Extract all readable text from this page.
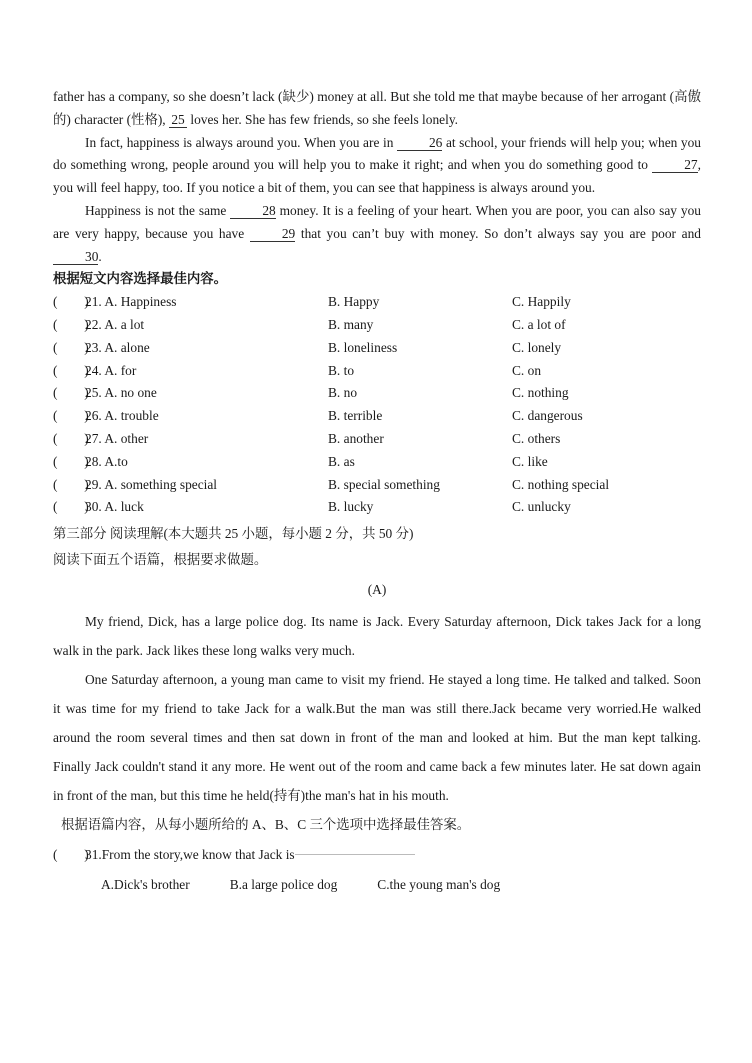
father has a company, so she doesn’t lack (缺少) money at all. But she told me that maybe because of her arrogant (高傲的) character (性格), 25 loves her. She has few friends, so she feels lonely.

In fact, happiness is always around you. When you are in	26 at school, your friends will help you; when you do something wrong, people around you will help you to make it right; and when you do something good to	27, you will feel happy, too. If you notice a bit of them, you can see that happiness is always around you.

Happiness is not the same	28 money. It is a feeling of your heart. When you are poor, you can also say you are very happy, because you have	29 that you can’t buy with money. So don’t always say you are poor and 30.

根据短文内容选择最佳内容。

(　　)
21. A. Happiness	B. Happy	C. Happily
(　　)
22. A. a lot	B. many	C. a lot of
(　　)
23. A. alone	B. loneliness	C. lonely
(　　)
24. A. for	B. to	C. on
(　　)
25. A. no one	B. no	C. nothing
(　　)
26. A. trouble	B. terrible	C. dangerous
(　　)
27. A. other	B. another	C. others
(　　)
28. A.to	B. as	C. like
(　　)
29. A. something special	B. special something	C. nothing special
(　　)
30. A. luck	B. lucky	C. unlucky

第三部分 阅读理解(本大题共 25 小题，每小题 2 分，共 50 分)

阅读下面五个语篇，根据要求做题。

(A)

My friend, Dick, has a large police dog. Its name is Jack. Every Saturday afternoon, Dick takes Jack for a long walk in the park. Jack likes these long walks very much.

One Saturday afternoon, a young man came to visit my friend. He stayed a long time. He talked and talked. Soon it was time for my friend to take Jack for a walk.But the man was still there.Jack became very worried.He walked around the room several times and then sat down in front of the man and looked at him. But the man kept talking. Finally Jack couldn't stand it any more. He went out of the room and came back a few minutes later. He sat down again in front of the man, but this time he held(持有)the man's hat in his mouth.

根据语篇内容，从每小题所给的 A、B、C 三个选项中选择最佳答案。

(　　)
31.From the story,we know that Jack is
A.Dick's brother	B.a large police dog	C.the young man's dog
